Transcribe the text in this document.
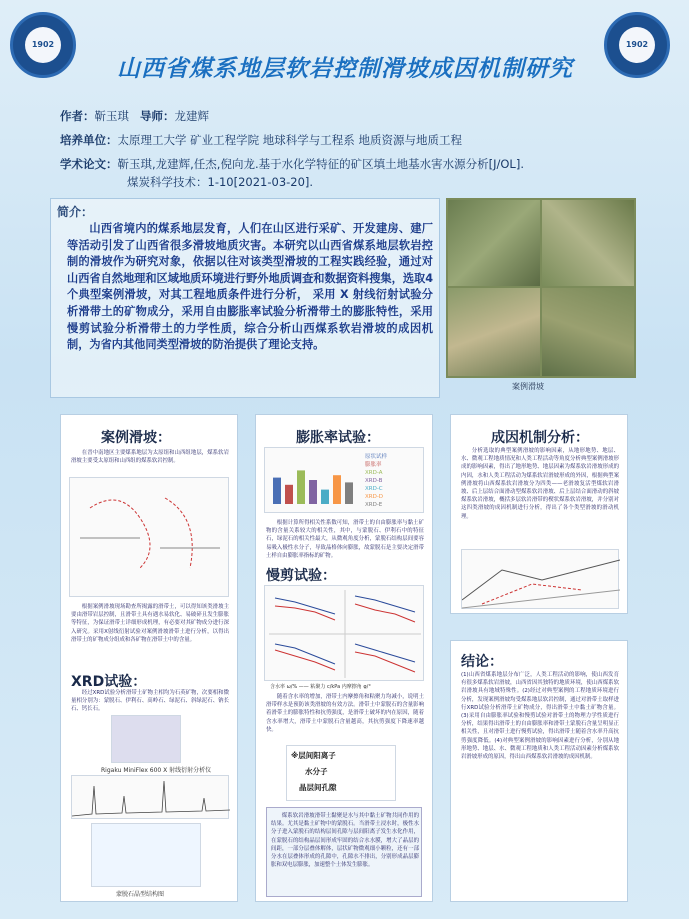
1902	1902
山西省煤系地层软岩控制滑坡成因机制研究
作者：靳玉琪 导师：龙建辉
培养单位：太原理工大学 矿业工程学院 地球科学与工程系 地质资源与地质工程
学术论文：靳玉琪,龙建辉,任杰,倪向龙.基于水化学特征的矿区填土地基水害水源分析[J/OL].
煤炭科学技术：1-10[2021-03-20].
简介：
山西省境内的煤系地层发育，人们在山区进行采矿、开发建房、建厂等活动引发了山西省很多滑坡地质灾害。本研究以山西省煤系地层软岩控制的滑坡作为研究对象，依据以往对该类型滑坡的工程实践经验，通过对山西省自然地理和区域地质环境进行野外地质调查和数据资料搜集，选取4个典型案例滑坡，对其工程地质条件进行分析， 采用 X 射线衍射试验分析滑带土的矿物成分，采用自由膨胀率试验分析滑带土的膨胀特性，采用慢剪试验分析滑带土的力学性质，综合分析山西煤系软岩滑坡的成因机制，为省内其他同类型滑坡的防治提供了理论支持。
案例滑坡
案例滑坡：
在晋中南地区主要煤系地层为太原组和山西组地层，煤系软岩滑坡主要受太原组和山西组的煤系软岩控制。
根据案例滑坡现场勘查所揭露的滑带土，可以得知该类滑坡主要由滑带岩层控制，且滑带土具有遇水易软化、易破碎且发生膨胀等特征，为保证滑带土详细形成机理，有必要对其矿物成分进行深入研究。采用X射线衍射试验对案例滑坡滑带土进行分析，以得出滑带土的矿物成分组成和各矿物在滑带土中的含量。
XRD试验：
经过XRD试验分析滑带土矿物主相均为石英矿物，次要相和微量相分别为：蒙脱石、伊利石、高岭石、绿泥石、斜绿泥石、钠长石、钙长石。
Rigaku MiniFlex 600 X 射线衍射分析仪
蒙脱石晶型结构图
膨胀率试验：
原状试样
膨胀率
XRD-A
XRD-B
XRD-C
XRD-D
XRD-E
根据计算所得相关性系数可知，滑带土的自由膨胀率与黏土矿物的含量关系较大的相关性，其中，与蒙脱石、伊利石中的特征石，绿泥石的相关性最大，从微观角度分析，蒙脱石结构层间要容易吸入极性水分子，导致晶格体向膨胀，故蒙脱石是主要决定滑带土样自由膨胀率指标的矿物。
慢剪试验：
含水率 ω/% —— 粘聚力 c/kPa 内摩擦角 φ/°
随着含水率的增加，滑带土内摩擦角和粘聚力均减小，说明土滑带样水是预防该类滑坡的有效方法。滑带土中蒙脱石的含量影响着滑带土的膨胀特性和抗剪强度，是滑带土破坏的内在原因，随着含水率增大，滑带土中蒙脱石含量越高，其抗剪强度下降速率越快。
※层间阳离子
水分子
晶层间孔隙
煤系软岩滑坡滑带土黏聚是水与其中黏土矿物共同作用的结果。尤其是黏土矿物中的蒙脱石。当滑带土浸水时，极性水分子进入蒙脱石的结构层间孔隙与层间阳离子发生水化作用，在蒙脱石的结构晶层间形成牢固的结合水水膜，增大了晶层的间距，一部分层叠体解体，层状矿物微观细小颗粒，还有一部分水在层叠体形成的孔隙中，孔隙水不排出，分别形成晶层膨胀和双电层膨胀，加速整个土体发生膨胀。
成因机制分析：
分析选取的典型案例滑坡的影响因素，从地形地势、地层、水、微观工程地质情况和人类工程活动等角度分析典型案例滑坡形成的影响因素，得出了地形地势、地层因素为煤系软岩滑坡形成的内因，水和人类工程活动为煤系软岩滑坡形成的外因，根据典型案例滑坡将山西煤系软岩滑坡分为四类——老滑坡复活型煤软岩滑坡、后上层结合面滑动型煤系软岩滑坡、后上层结合面滑动的斜坡煤系软岩滑坡，概括多层软岩滑带的楔状煤系软岩滑坡，并分别对这四类滑坡的成因机制进行分析，得出了各个类型滑坡的滑动机理。
结论：
(1)山西省煤系地层分布广泛，人类工程活动的影响，使山西发育有很多煤系软岩滑坡，山西省因其独特的地质环境，使山西煤系软岩滑坡具有地域特殊性。(2)经过对典型案例的工程地质环境进行分析，发现案例滑坡均受煤系地层软岩控制，通过对滑带土取样进行XRD试验分析滑带土矿物成分，得出滑带土中黏土矿物含量。(3)采用自由膨胀率试验和慢剪试验对滑带土的物理力学性质进行分析，结果得出滑带土的自由膨胀率和滑带土蒙脱石含量呈明显正相关性，且对滑带土进行慢剪试验，得出滑带土随着含水率升高抗剪强度降低。(4)对典型案例滑坡的影响因素进行分析，分别从地形地势、地层、水、微观工程地质和人类工程活动因素分析煤系软岩滑坡形成的原因，得出山西煤系软岩滑坡的成因机制。
